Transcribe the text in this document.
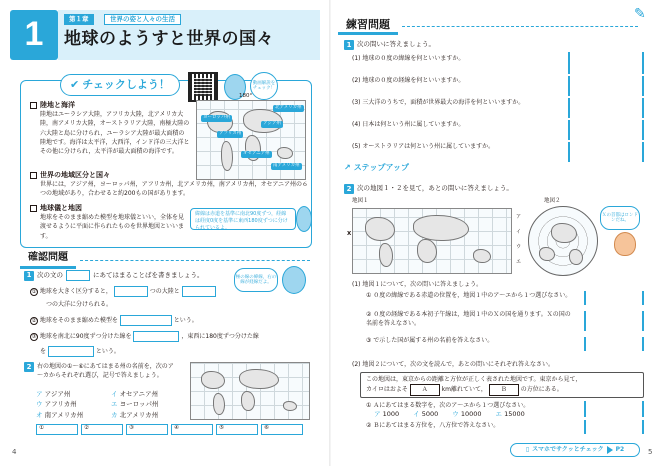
1	第１章	世界の姿と人々の生活
地球のようすと世界の国々
✔ チェックしよう！	動画解説をチェック！
陸地と海洋
陸地はユーラシア大陸，アフリカ大陸，北アメリカ大陸，南アメリカ大陸，オーストラリア大陸，南極大陸の六大陸と島に分けられ，ユーラシア大陸が最大面積の陸地です。海洋は太平洋，大西洋，インド洋の三大洋とその他に分けられ，太平洋が最大面積の海洋です。
ヨーロッパ州
アジア州
アフリカ州
オセアニア州
北アメリカ州
南アメリカ州
180°
世界の地域区分と国々
世界には，アジア州，ヨーロッパ州，アフリカ州，北アメリカ州，南アメリカ州，オセアニア州の６つの地域があり，合わせると約200もの国があります。
地球儀と地図
地球をそのまま縮めた模型を地球儀といい，全体を見渡せるように平面に作られたものを世界地図といいます。
緯線は赤道を基準に南北90度ずつ，経線は経度0度を基準に東西180度ずつに分けられているよ。
確認問題
1 次の文の	にあてはまることばを書きましょう。
① 地球を大きく区分すると，	つの大陸と
つの大洋に分けられる。
② 地球をそのまま縮めた模型を	という。
③ 地球を南北に90度ずつ分けた線を	，東西に180度ずつ分けた線
を	という。
極の線の緯線，右の線が経線だよ。
2 右の地図の①～⑥にあてはまる州の名前を，次のア～カからそれぞれ選び，記号で答えましょう。
ア アジア州	イ オセアニア州
ウ アフリカ州	エ ヨーロッパ州
オ 南アメリカ州	カ 北アメリカ州
①	②	③	④	⑤	⑥
4
練習問題
✎
1 次の問いに答えましょう。
(1) 地球の０度の緯線を何といいますか。
(2) 地球の０度の経線を何といいますか。
(3) 三大洋のうちで，面積が世界最大の海洋を何といいますか。
(4) 日本は何という州に属していますか。
(5) オーストラリアは何という州に属していますか。
↗ ステップアップ
2 次の地図１・２を見て，あとの問いに答えましょう。
地図１	地図２
X
ア
イ
ウ
エ
Ｘの首都はロンドンだね。
(1) 地図１について，次の問いに答えましょう。
① ０度の緯線である赤道の位置を，地図１中のア～エから１つ選びなさい。
② ０度の経線である本初子午線は，地図１中のＸの国を通ります。Ｘの国の名前を答えなさい。
③ で示した国が属する州の名前を答えなさい。
(2) 地図２について，次の文を読んで，あとの問いにそれぞれ答えなさい。
この地図は，東京からの距離と方位が正しく表された地図です。東京から見て，
カイロはおよそ Ａ km離れていて， Ｂ の方位にある。
① Ａにあてはまる数字を，次のア～エから１つ選びなさい。
ア 1000 イ 5000 ウ 10000 エ 15000
② Ｂにあてはまる方位を，八方位で答えなさい。
▯ スマホでサクッとチェック P2	5
